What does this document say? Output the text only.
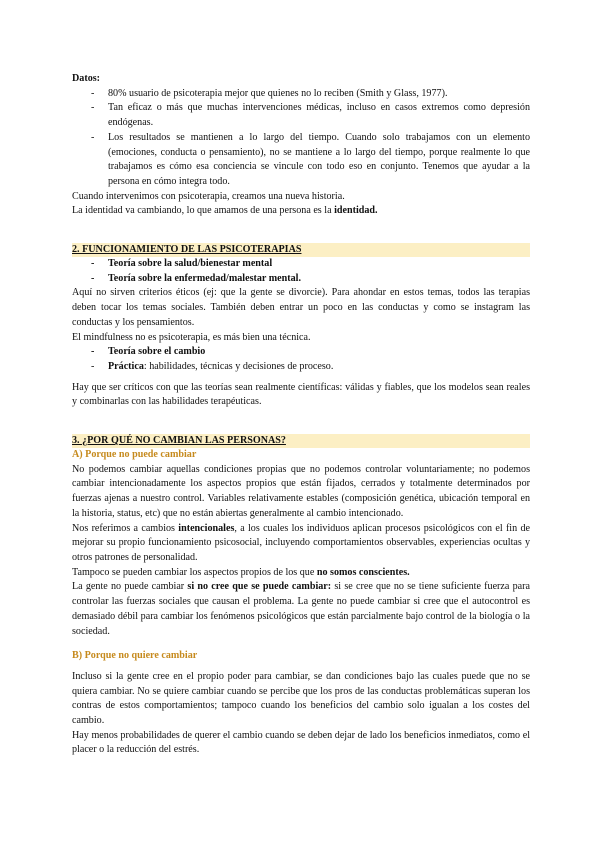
Datos:

- 80% usuario de psicoterapia mejor que quienes no lo reciben (Smith y Glass, 1977).
- Tan eficaz o más que muchas intervenciones médicas, incluso en casos extremos como depresión endógenas.
- Los resultados se mantienen a lo largo del tiempo. Cuando solo trabajamos con un elemento (emociones, conducta o pensamiento), no se mantiene a lo largo del tiempo, porque realmente lo que trabajamos es cómo esa conciencia se vincule con todo eso en conjunto. Tenemos que ayudar a la persona en cómo integra todo.

Cuando intervenimos con psicoterapia, creamos una nueva historia.

La identidad va cambiando, lo que amamos de una persona es la identidad.

2. FUNCIONAMIENTO DE LAS PSICOTERAPIAS

- Teoría sobre la salud/bienestar mental
- Teoría sobre la enfermedad/malestar mental.

Aquí no sirven criterios éticos (ej: que la gente se divorcie). Para ahondar en estos temas, todos las terapias deben tocar los temas sociales. También deben entrar un poco en las conductas y como se instagram las conductas y los pensamientos.

El mindfulness no es psicoterapia, es más bien una técnica.

- Teoría sobre el cambio
- Práctica: habilidades, técnicas y decisiones de proceso.

Hay que ser críticos con que las teorías sean realmente científicas: válidas y fiables, que los modelos sean reales y combinarlas con las habilidades terapéuticas.

3. ¿POR QUÉ NO CAMBIAN LAS PERSONAS?

A) Porque no puede cambiar

No podemos cambiar aquellas condiciones propias que no podemos controlar voluntariamente; no podemos cambiar intencionadamente los aspectos propios que están fijados, cerrados y totalmente determinados por fuerzas ajenas a nuestro control. Variables relativamente estables (composición genética, ubicación temporal en la historia, status, etc) que no están abiertas generalmente al cambio intencionado.

Nos referimos a cambios intencionales, a los cuales los individuos aplican procesos psicológicos con el fin de mejorar su propio funcionamiento psicosocial, incluyendo comportamientos observables, experiencias ocultas y otros patrones de personalidad.

Tampoco se pueden cambiar los aspectos propios de los que no somos conscientes.

La gente no puede cambiar si no cree que se puede cambiar: si se cree que no se tiene suficiente fuerza para controlar las fuerzas sociales que causan el problema. La gente no puede cambiar si cree que el autocontrol es demasiado débil para cambiar los fenómenos psicológicos que están parcialmente bajo control de la biología o la sociedad.

B) Porque no quiere cambiar

Incluso si la gente cree en el propio poder para cambiar, se dan condiciones bajo las cuales puede que no se quiera cambiar. No se quiere cambiar cuando se percibe que los pros de las conductas problemáticas superan los contras de estos comportamientos; tampoco cuando los beneficios del cambio solo igualan a los costes del cambio.

Hay menos probabilidades de querer el cambio cuando se deben dejar de lado los beneficios inmediatos, como el placer o la reducción del estrés.
